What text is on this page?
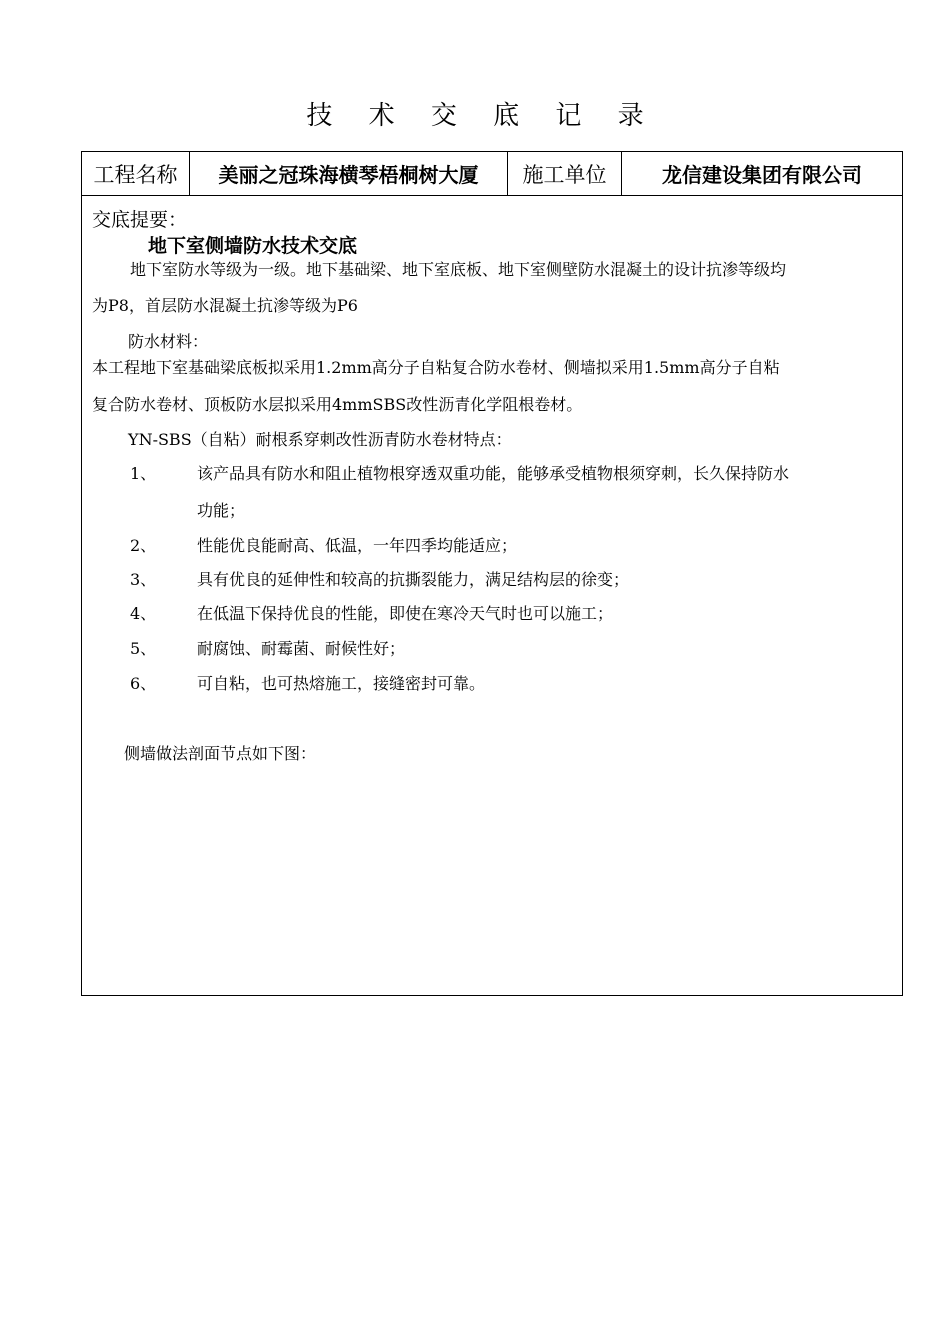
技 术 交 底 记 录
工程名称	美丽之冠珠海横琴梧桐树大厦	施工单位	龙信建设集团有限公司
交底提要：
地下室侧墙防水技术交底
地下室防水等级为一级。地下基础梁、地下室底板、地下室侧壁防水混凝土的设计抗渗等级均
为P8，首层防水混凝土抗渗等级为P6
防水材料：
本工程地下室基础梁底板拟采用1.2mm高分子自粘复合防水卷材、侧墙拟采用1.5mm高分子自粘
复合防水卷材、顶板防水层拟采用4mmSBS改性沥青化学阻根卷材。
YN-SBS（自粘）耐根系穿刺改性沥青防水卷材特点：
1、	该产品具有防水和阻止植物根穿透双重功能，能够承受植物根须穿刺，长久保持防水
功能；
2、	性能优良能耐高、低温，一年四季均能适应；
3、	具有优良的延伸性和较高的抗撕裂能力，满足结构层的徐变；
4、	在低温下保持优良的性能，即使在寒冷天气时也可以施工；
5、	耐腐蚀、耐霉菌、耐候性好；
6、	可自粘，也可热熔施工，接缝密封可靠。
侧墙做法剖面节点如下图：
